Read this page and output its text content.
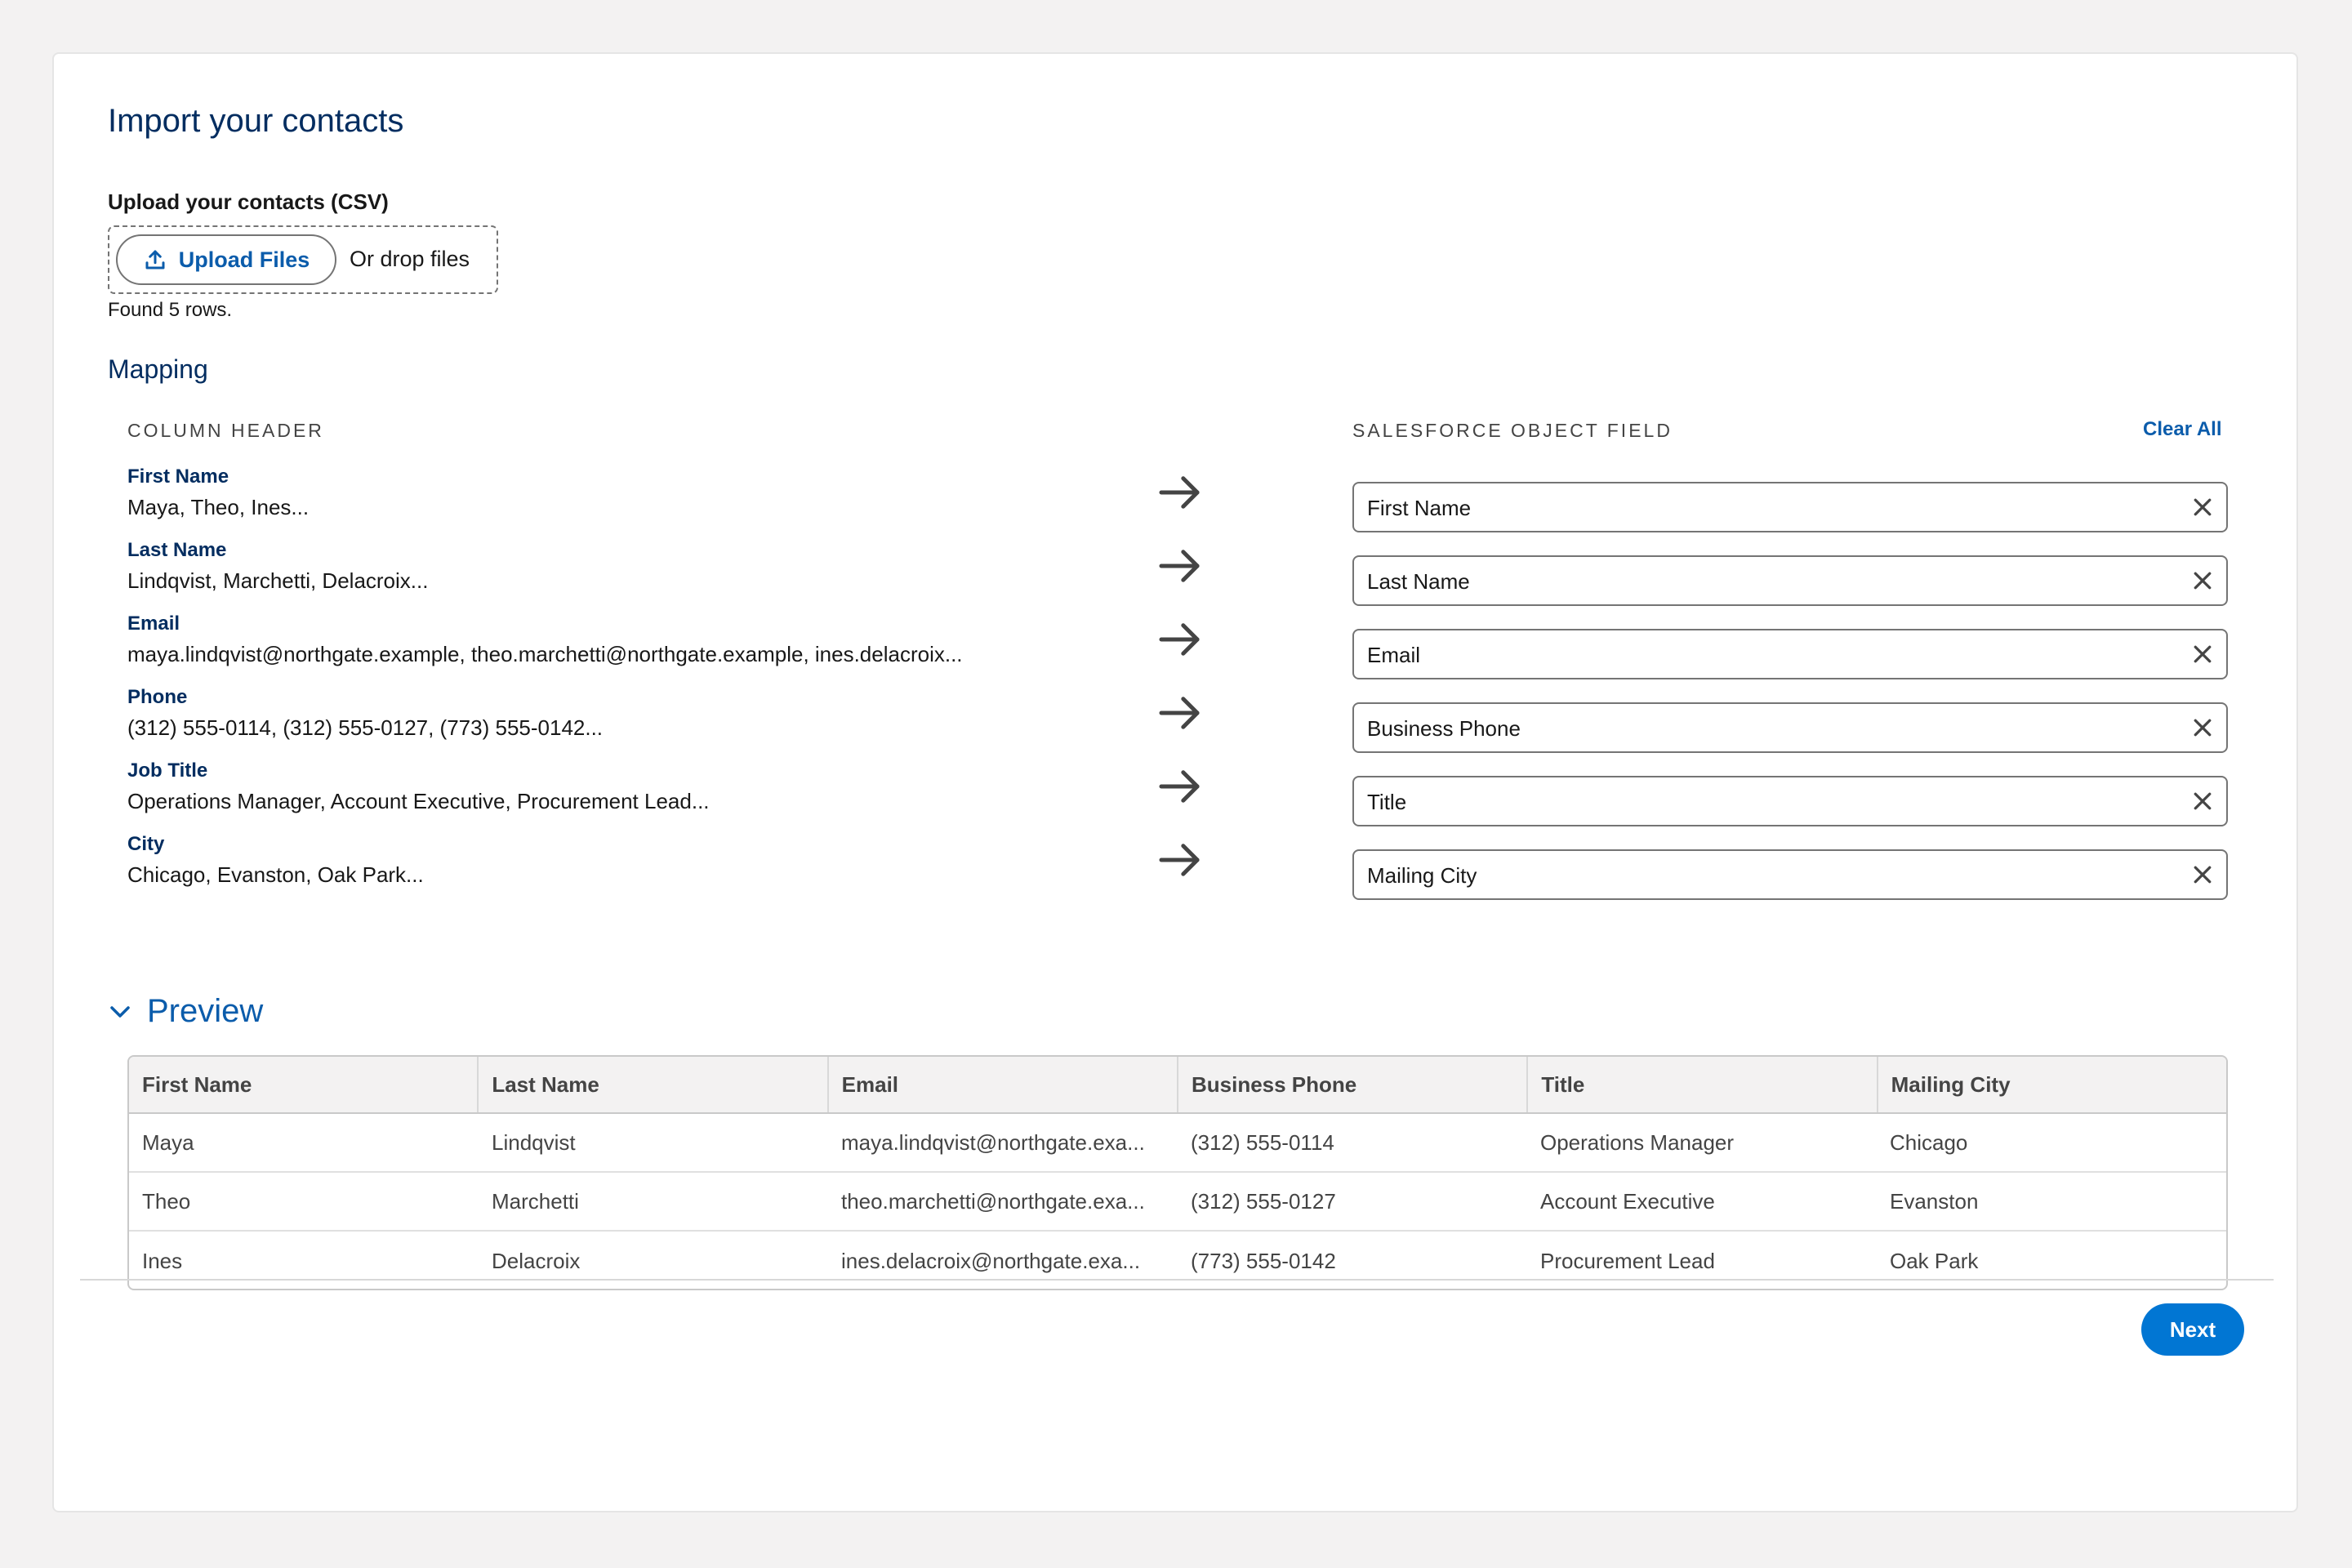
Import your contacts
Upload your contacts (CSV)
Upload Files Or drop files
Found 5 rows.
Mapping
COLUMN HEADER	SALESFORCE OBJECT FIELD	Clear All
First Name
Maya, Theo, Ines...	First Name
Last Name
Lindqvist, Marchetti, Delacroix...	Last Name
Email
maya.lindqvist@northgate.example, theo.marchetti@northgate.example, ines.delacroix...	Email
Phone
(312) 555-0114, (312) 555-0127, (773) 555-0142...	Business Phone
Job Title
Operations Manager, Account Executive, Procurement Lead...	Title
City
Chicago, Evanston, Oak Park...	Mailing City
Preview
First Name	Last Name	Email	Business Phone	Title	Mailing City
Maya	Lindqvist	maya.lindqvist@northgate.exa...	(312) 555-0114	Operations Manager	Chicago
Theo	Marchetti	theo.marchetti@northgate.exa...	(312) 555-0127	Account Executive	Evanston
Ines	Delacroix	ines.delacroix@northgate.exa...	(773) 555-0142	Procurement Lead	Oak Park
Next
